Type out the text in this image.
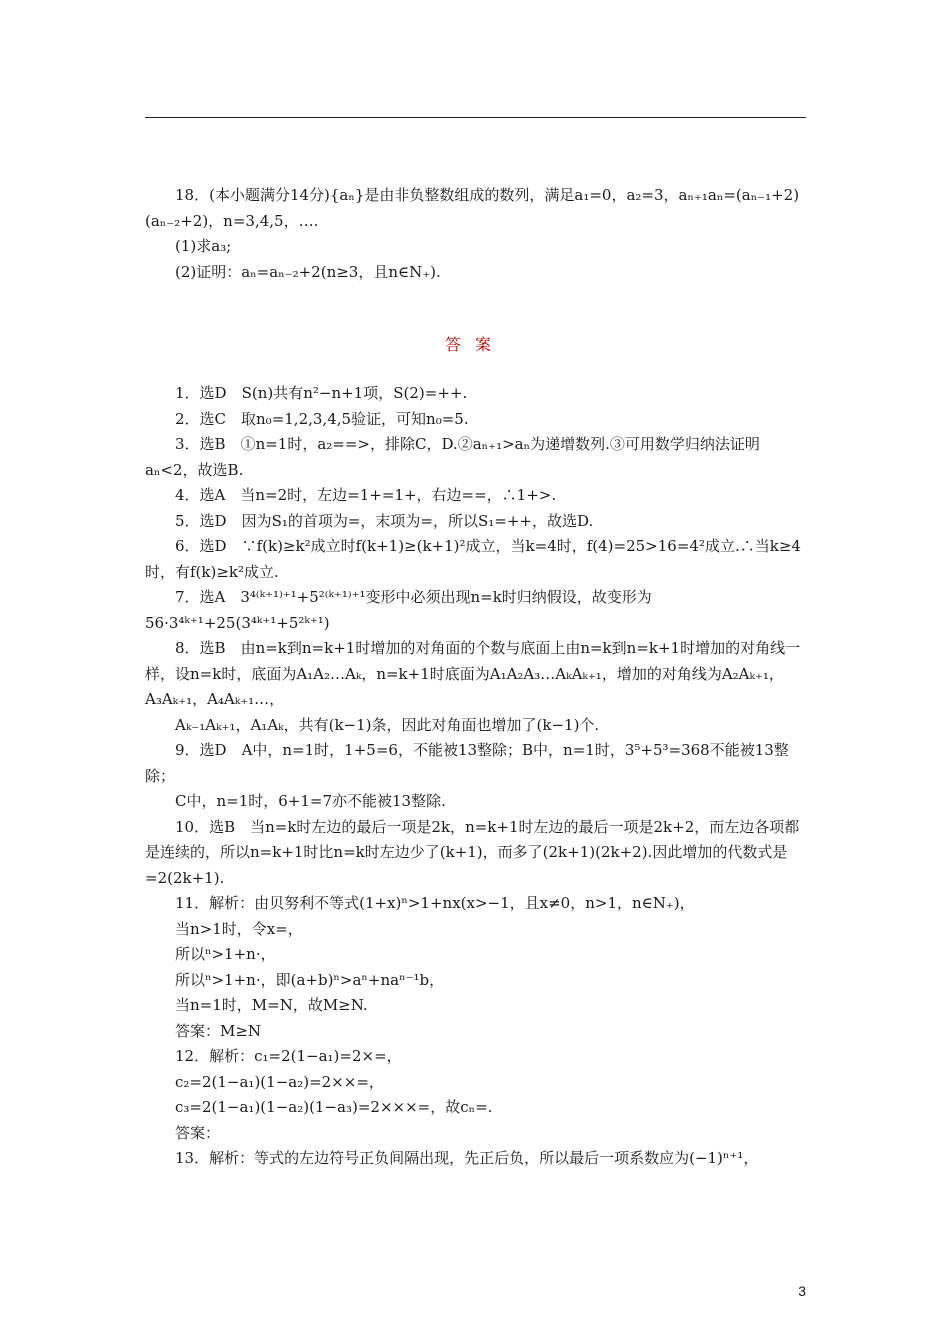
18．(本小题满分14分){aₙ}是由非负整数组成的数列，满足a₁=0，a₂=3，aₙ₊₁aₙ=(aₙ₋₁+2)(aₙ₋₂+2)，n=3,4,5，….

(1)求a₃;

(2)证明：aₙ=aₙ₋₂+2(n≥3，且n∈N₊).

答案

1．选D　S(n)共有n²−n+1项，S(2)=++.

2．选C　取n₀=1,2,3,4,5验证，可知n₀=5.

3．选B　①n=1时，a₂==>，排除C，D.②aₙ₊₁>aₙ为递增数列.③可用数学归纳法证明aₙ<2，故选B.

4．选A　当n=2时，左边=1+=1+，右边==，∴1+>.

5．选D　因为S₁的首项为=，末项为=，所以S₁=++，故选D.

6．选D　∵f(k)≥k²成立时f(k+1)≥(k+1)²成立，当k=4时，f(4)=25>16=4²成立.∴当k≥4时，有f(k)≥k²成立.

7．选A　3⁴⁽ᵏ⁺¹⁾⁺¹+5²⁽ᵏ⁺¹⁾⁺¹变形中必须出现n=k时归纳假设，故变形为56·3⁴ᵏ⁺¹+25(3⁴ᵏ⁺¹+5²ᵏ⁺¹)

8．选B　由n=k到n=k+1时增加的对角面的个数与底面上由n=k到n=k+1时增加的对角线一样，设n=k时，底面为A₁A₂…Aₖ，n=k+1时底面为A₁A₂A₃…AₖAₖ₊₁，增加的对角线为A₂Aₖ₊₁，A₃Aₖ₊₁，A₄Aₖ₊₁…，

Aₖ₋₁Aₖ₊₁，A₁Aₖ，共有(k−1)条，因此对角面也增加了(k−1)个.

9．选D　A中，n=1时，1+5=6，不能被13整除；B中，n=1时，3⁵+5³=368不能被13整除；

C中，n=1时，6+1=7亦不能被13整除.

10．选B　当n=k时左边的最后一项是2k，n=k+1时左边的最后一项是2k+2，而左边各项都是连续的，所以n=k+1时比n=k时左边少了(k+1)，而多了(2k+1)(2k+2).因此增加的代数式是=2(2k+1).

11．解析：由贝努利不等式(1+x)ⁿ>1+nx(x>−1，且x≠0，n>1，n∈N₊)，

当n>1时，令x=，

所以ⁿ>1+n·，

所以ⁿ>1+n·，即(a+b)ⁿ>aⁿ+naⁿ⁻¹b，

当n=1时，M=N，故M≥N.

答案：M≥N

12．解析：c₁=2(1−a₁)=2×=，

c₂=2(1−a₁)(1−a₂)=2××=，

c₃=2(1−a₁)(1−a₂)(1−a₃)=2×××=，故cₙ=.

答案：

13．解析：等式的左边符号正负间隔出现，先正后负，所以最后一项系数应为(−1)ⁿ⁺¹，

3
